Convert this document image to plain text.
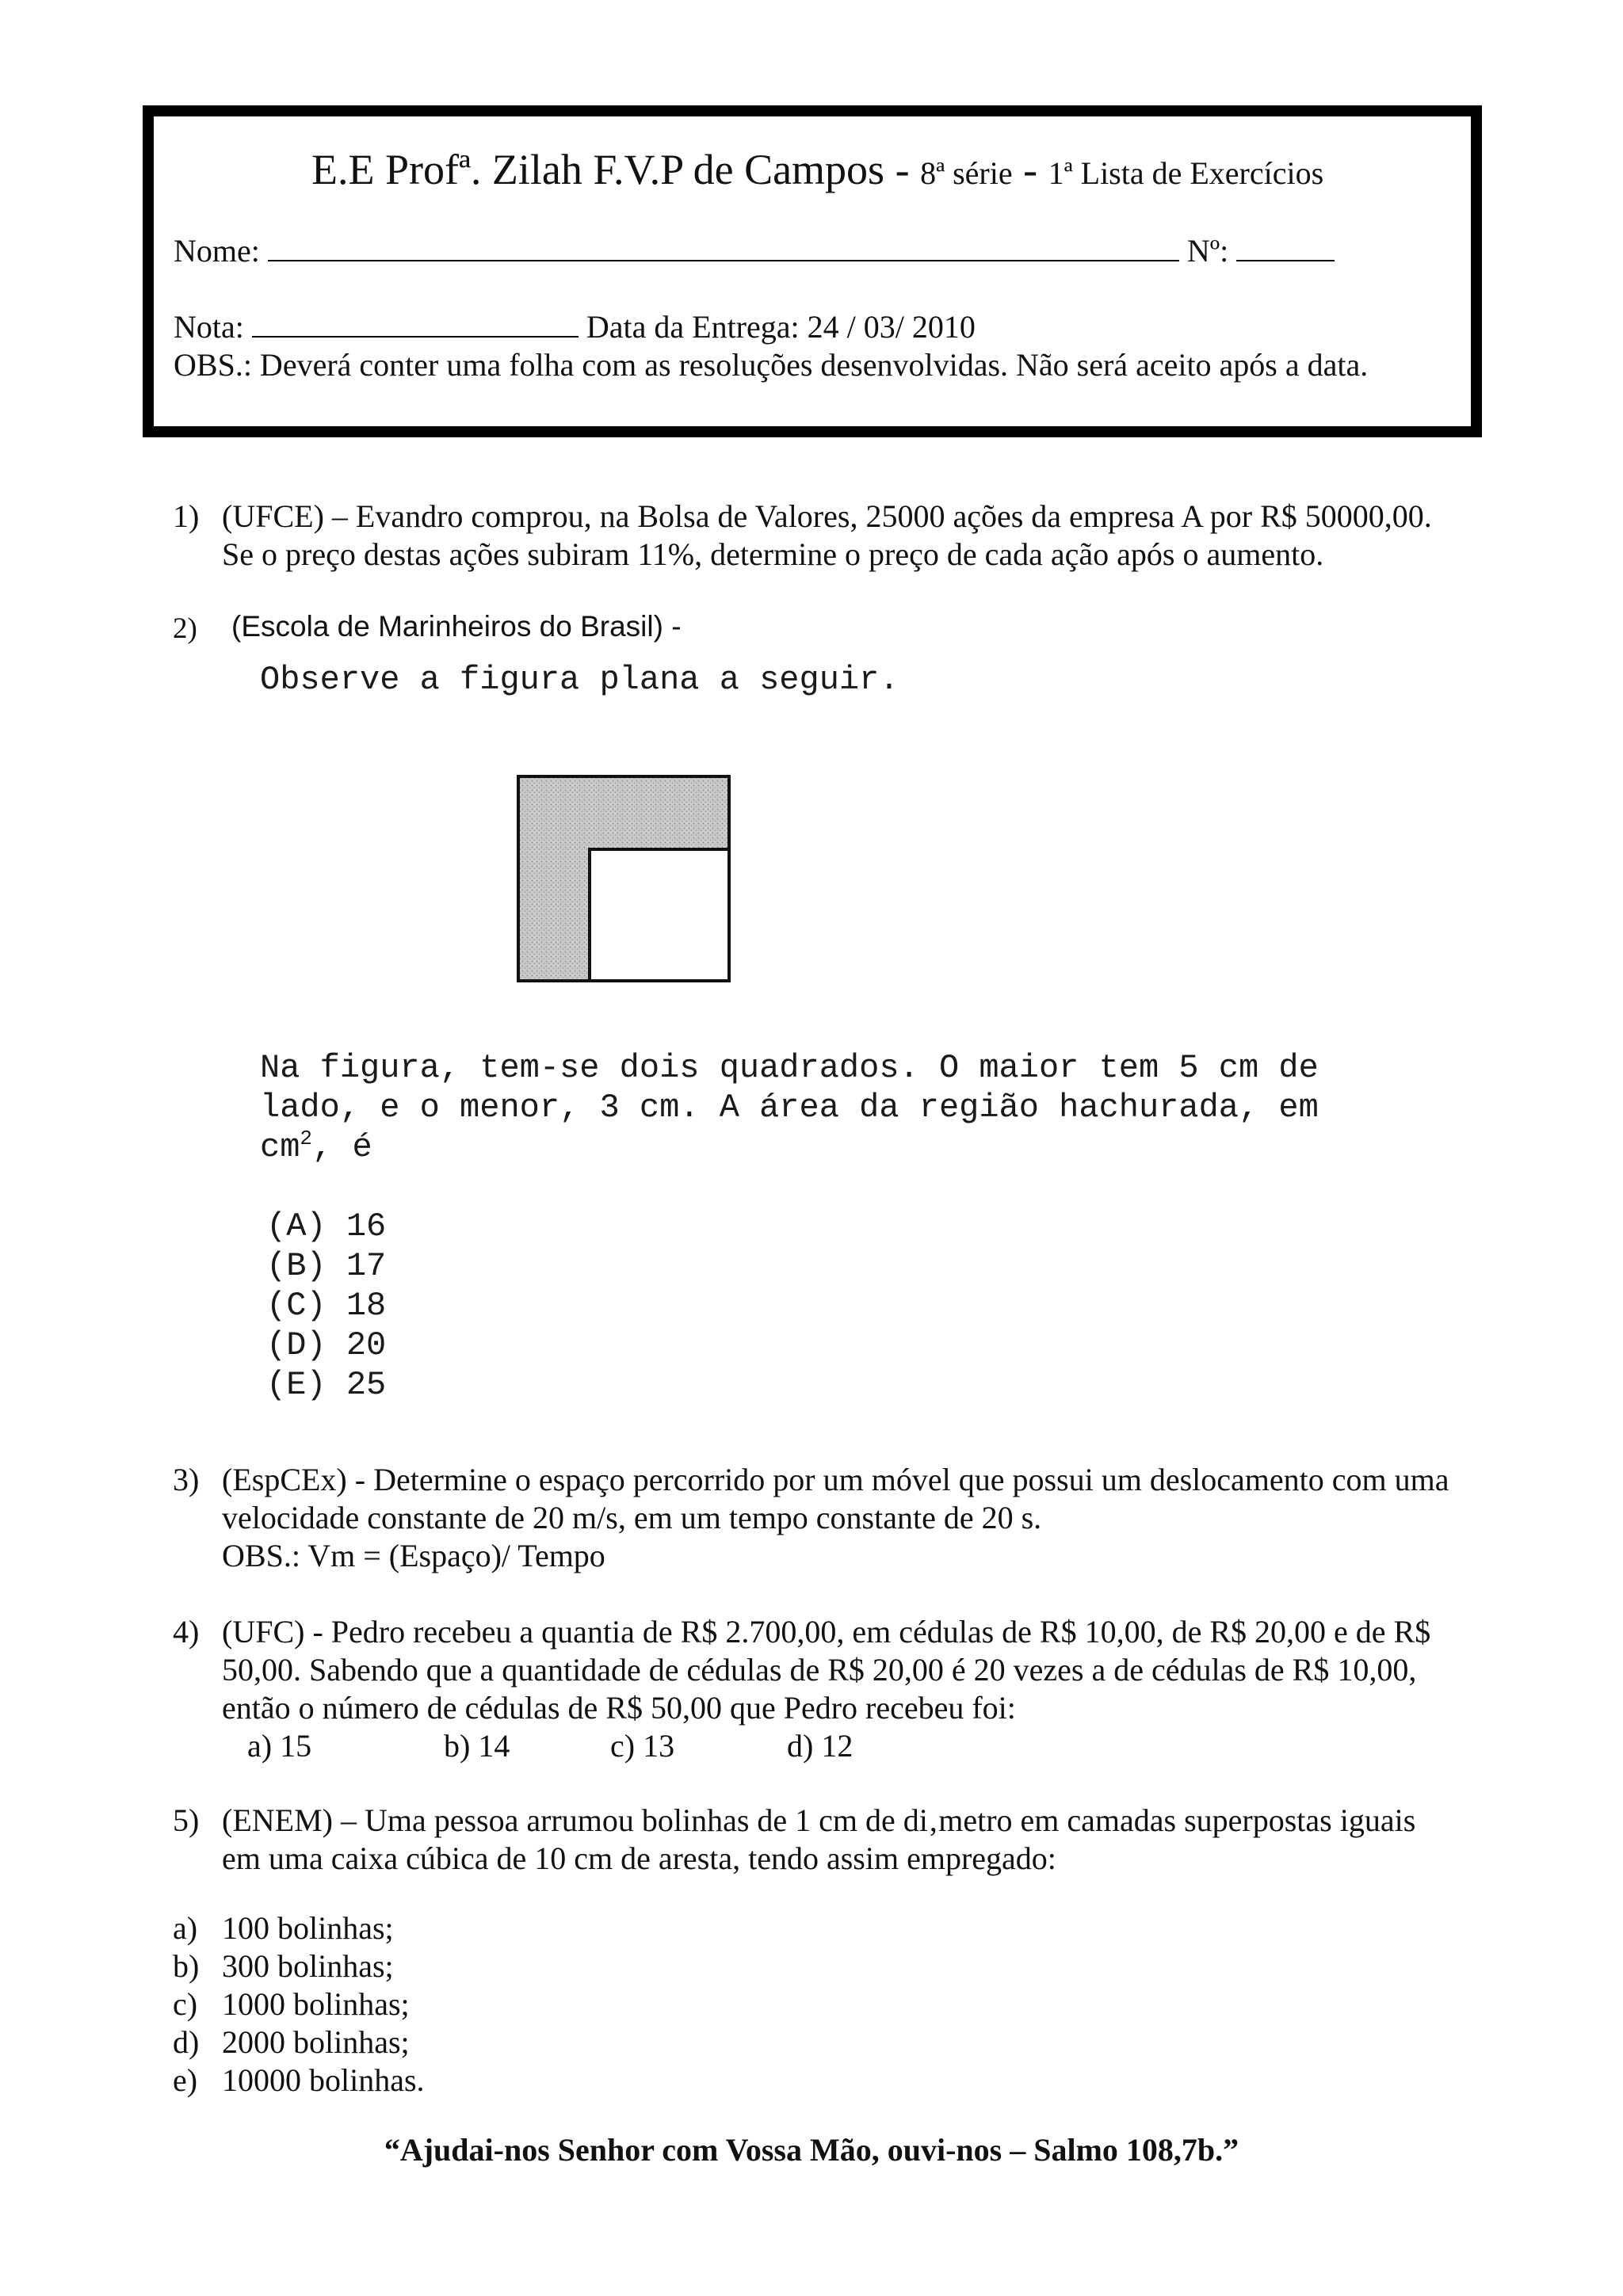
E.E Profª. Zilah F.V.P de Campos - 8ª série - 1ª Lista de Exercícios
Nome:	Nº:
Nota:	Data da Entrega: 24 / 03/ 2010
OBS.: Deverá conter uma folha com as resoluções desenvolvidas. Não será aceito após a data.
1) (UFCE) – Evandro comprou, na Bolsa de Valores, 25000 ações da empresa A por R$ 50000,00.
Se o preço destas ações subiram 11%, determine o preço de cada ação após o aumento.
2) (Escola de Marinheiros do Brasil) -
Observe a figura plana a seguir.
Na figura, tem-se dois quadrados. O maior tem 5 cm de
lado, e o menor, 3 cm. A área da região hachurada, em
$cm^2$, é
(A) 16
(B) 17
(C) 18
(D) 20
(E) 25
3) (EspCEx) - Determine o espaço percorrido por um móvel que possui um deslocamento com uma
velocidade constante de 20 m/s, em um tempo constante de 20 s.
OBS.: Vm = (Espaço)/ Tempo
4) (UFC) - Pedro recebeu a quantia de R$ 2.700,00, em cédulas de R$ 10,00, de R$ 20,00 e de R$
50,00. Sabendo que a quantidade de cédulas de R$ 20,00 é 20 vezes a de cédulas de R$ 10,00,
então o número de cédulas de R$ 50,00 que Pedro recebeu foi:
a) 15	b) 14	c) 13	d) 12
5) (ENEM) – Uma pessoa arrumou bolinhas de 1 cm de di‚metro em camadas superpostas iguais
em uma caixa cúbica de 10 cm de aresta, tendo assim empregado:
a) 100 bolinhas;
b) 300 bolinhas;
c) 1000 bolinhas;
d) 2000 bolinhas;
e) 10000 bolinhas.
“Ajudai-nos Senhor com Vossa Mão, ouvi-nos – Salmo 108,7b.”
